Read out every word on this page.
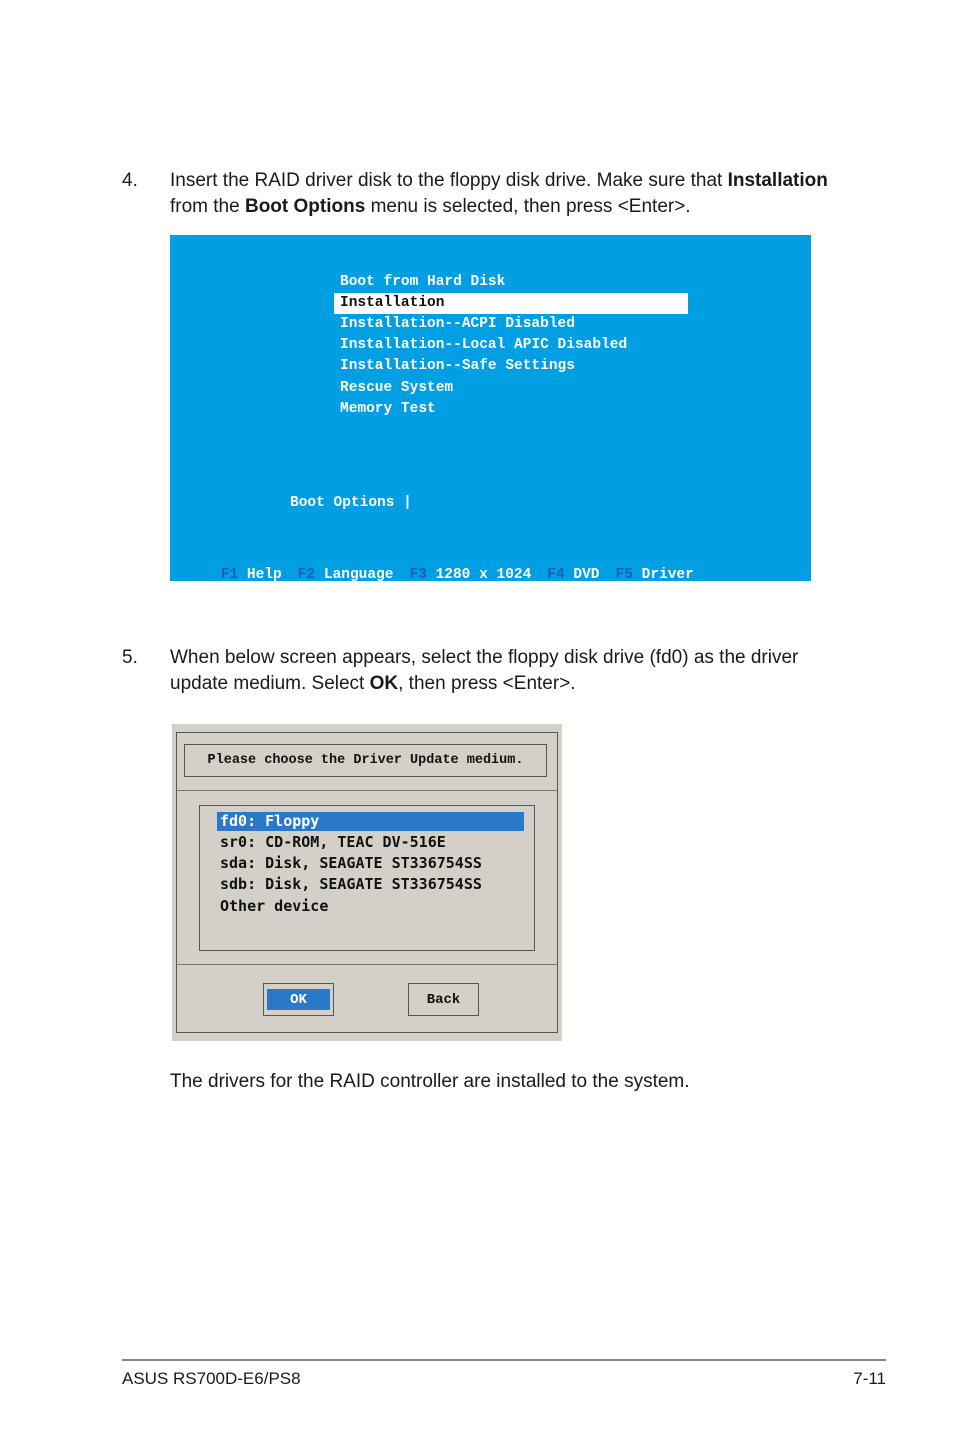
4. Insert the RAID driver disk to the floppy disk drive. Make sure that Installation
from the Boot Options menu is selected, then press <Enter>.
Boot from Hard Disk
Installation
Installation--ACPI Disabled
Installation--Local APIC Disabled
Installation--Safe Settings
Rescue System
Memory Test
Boot Options |

F1 Help F2 Language F3 1280 x 1024 F4 DVD F5 Driver

5. When below screen appears, select the floppy disk drive (fd0) as the driver
update medium. Select OK, then press <Enter>.
Please choose the Driver Update medium.
fd0: Floppy
sr0: CD-ROM, TEAC DV-516E
sda: Disk, SEAGATE ST336754SS
sdb: Disk, SEAGATE ST336754SS
Other device
OK	Back
The drivers for the RAID controller are installed to the system.
ASUS RS700D-E6/PS8	7-11
